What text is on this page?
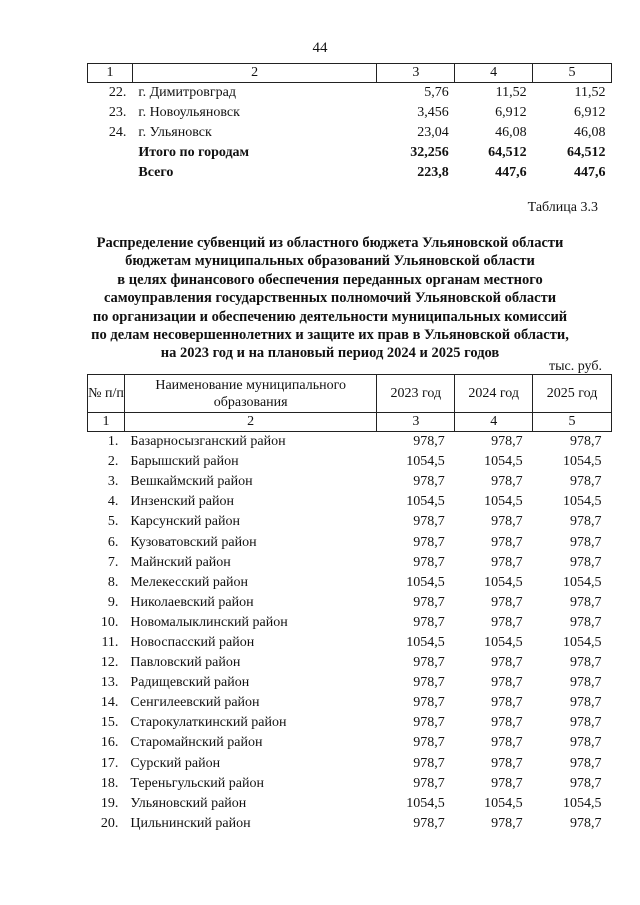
44
1	2	3	4	5
22.	г. Димитровград	5,76	11,52	11,52
23.	г. Новоульяновск	3,456	6,912	6,912
24.	г. Ульяновск	23,04	46,08	46,08
	Итого по городам	32,256	64,512	64,512
	Всего	223,8	447,6	447,6
Таблица 3.3
Распределение субвенций из областного бюджета Ульяновской области
бюджетам муниципальных образований Ульяновской области
в целях финансового обеспечения переданных органам местного
самоуправления государственных полномочий Ульяновской области
по организации и обеспечению деятельности муниципальных комиссий
по делам несовершеннолетних и защите их прав в Ульяновской области,
на 2023 год и на плановый период 2024 и 2025 годов
тыс. руб.
№ п/п	Наименование муниципального образования	2023 год	2024 год	2025 год
1	2	3	4	5
1.	Базарносызганский район	978,7	978,7	978,7
2.	Барышский район	1054,5	1054,5	1054,5
3.	Вешкаймский район	978,7	978,7	978,7
4.	Инзенский район	1054,5	1054,5	1054,5
5.	Карсунский район	978,7	978,7	978,7
6.	Кузоватовский район	978,7	978,7	978,7
7.	Майнский район	978,7	978,7	978,7
8.	Мелекесский район	1054,5	1054,5	1054,5
9.	Николаевский район	978,7	978,7	978,7
10.	Новомалыклинский район	978,7	978,7	978,7
11.	Новоспасский район	1054,5	1054,5	1054,5
12.	Павловский район	978,7	978,7	978,7
13.	Радищевский район	978,7	978,7	978,7
14.	Сенгилеевский район	978,7	978,7	978,7
15.	Старокулаткинский район	978,7	978,7	978,7
16.	Старомайнский район	978,7	978,7	978,7
17.	Сурский район	978,7	978,7	978,7
18.	Тереньгульский район	978,7	978,7	978,7
19.	Ульяновский район	1054,5	1054,5	1054,5
20.	Цильнинский район	978,7	978,7	978,7
